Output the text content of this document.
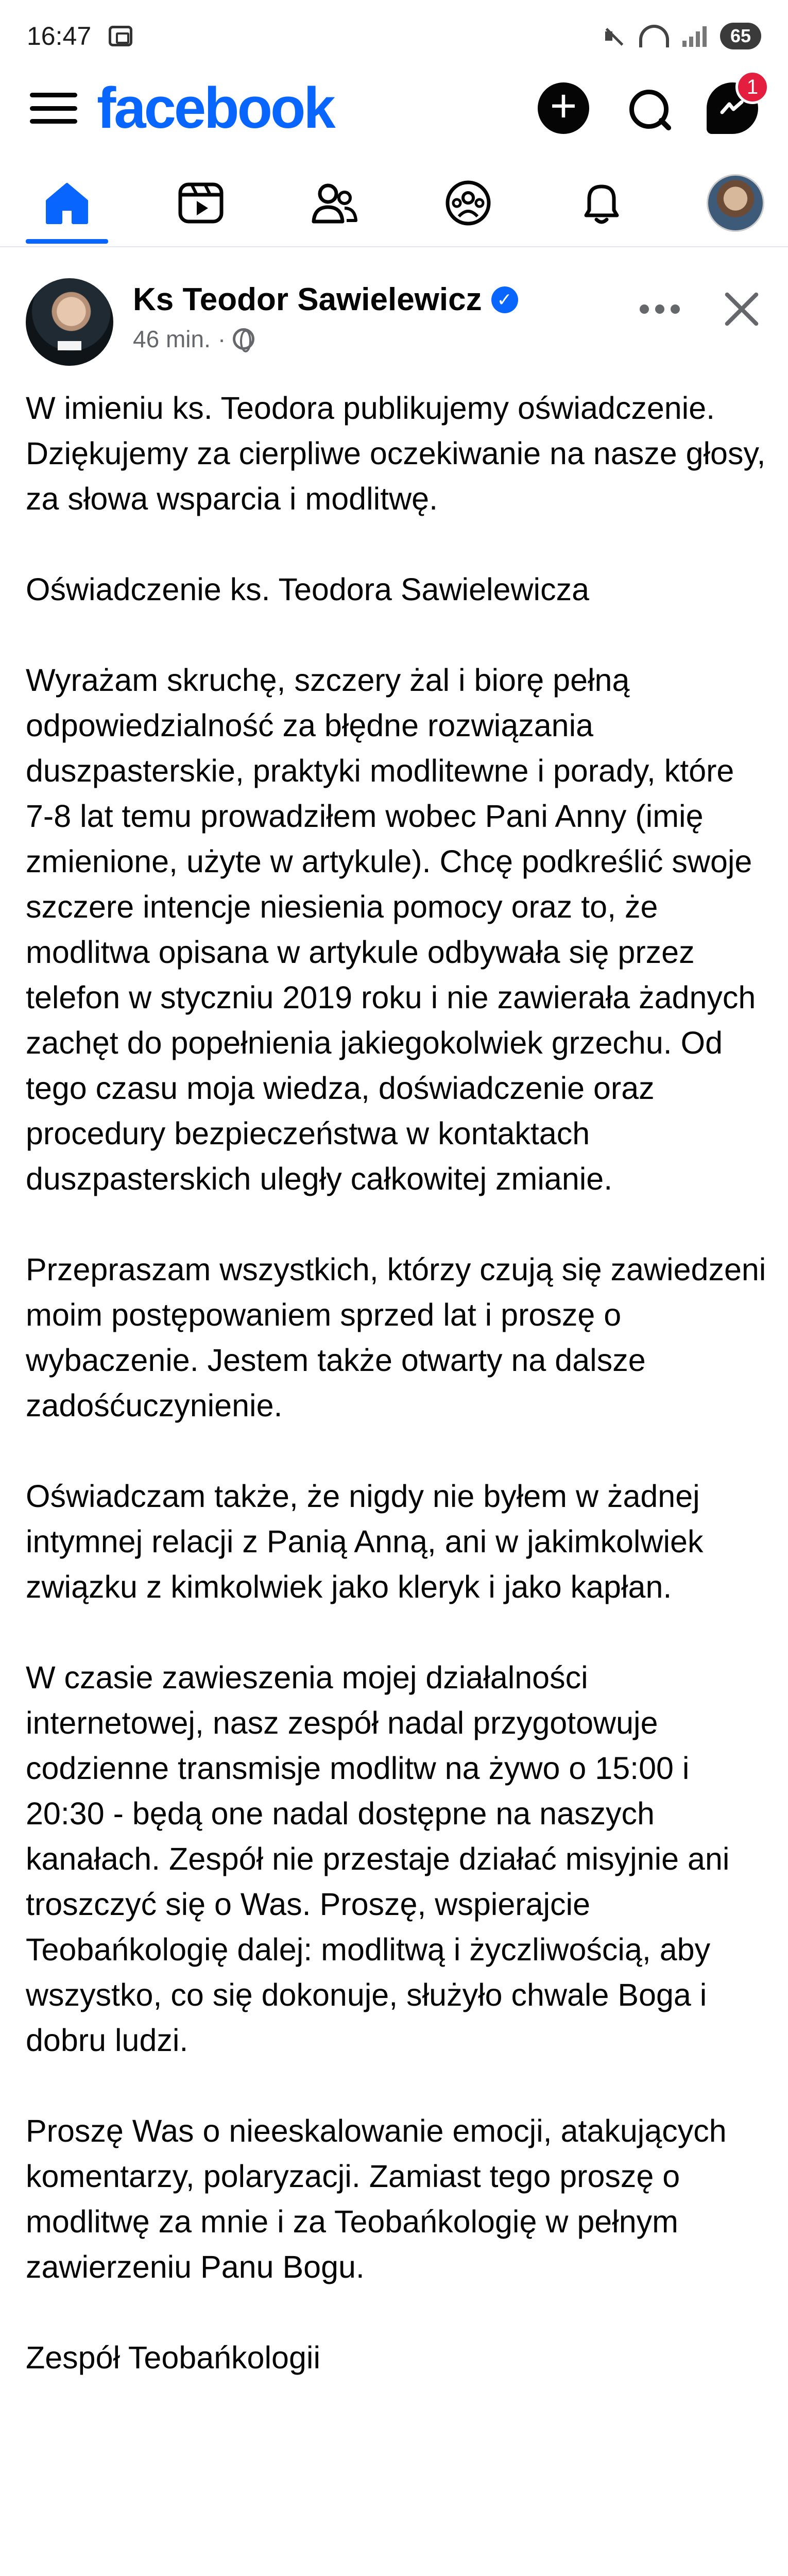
16:47	65
facebook	+	1
Ks Teodor Sawielewicz ✓
46 min. ·

W imieniu ks. Teodora publikujemy oświadczenie. Dziękujemy za cierpliwe oczekiwanie na nasze głosy, za słowa wsparcia i modlitwę.

Oświadczenie ks. Teodora Sawielewicza

Wyrażam skruchę, szczery żal i biorę pełną odpowiedzialność za błędne rozwiązania duszpasterskie, praktyki modlitewne i porady, które 7-8 lat temu prowadziłem wobec Pani Anny (imię zmienione, użyte w artykule). Chcę podkreślić swoje szczere intencje niesienia pomocy oraz to, że modlitwa opisana w artykule odbywała się przez telefon w styczniu 2019 roku i nie zawierała żadnych zachęt do popełnienia jakiegokolwiek grzechu. Od tego czasu moja wiedza, doświadczenie oraz procedury bezpieczeństwa w kontaktach duszpasterskich uległy całkowitej zmianie.

Przepraszam wszystkich, którzy czują się zawiedzeni moim postępowaniem sprzed lat i proszę o wybaczenie. Jestem także otwarty na dalsze zadośćuczynienie.

Oświadczam także, że nigdy nie byłem w żadnej intymnej relacji z Panią Anną, ani w jakimkolwiek związku z kimkolwiek jako kleryk i jako kapłan.

W czasie zawieszenia mojej działalności internetowej, nasz zespół nadal przygotowuje codzienne transmisje modlitw na żywo o 15:00 i 20:30 - będą one nadal dostępne na naszych kanałach. Zespół nie przestaje działać misyjnie ani troszczyć się o Was. Proszę, wspierajcie Teobańkologię dalej: modlitwą i życzliwością, aby wszystko, co się dokonuje, służyło chwale Boga i dobru ludzi.

Proszę Was o nieeskalowanie emocji, atakujących komentarzy, polaryzacji. Zamiast tego proszę o modlitwę za mnie i za Teobańkologię w pełnym zawierzeniu Panu Bogu.

Zespół Teobańkologii
